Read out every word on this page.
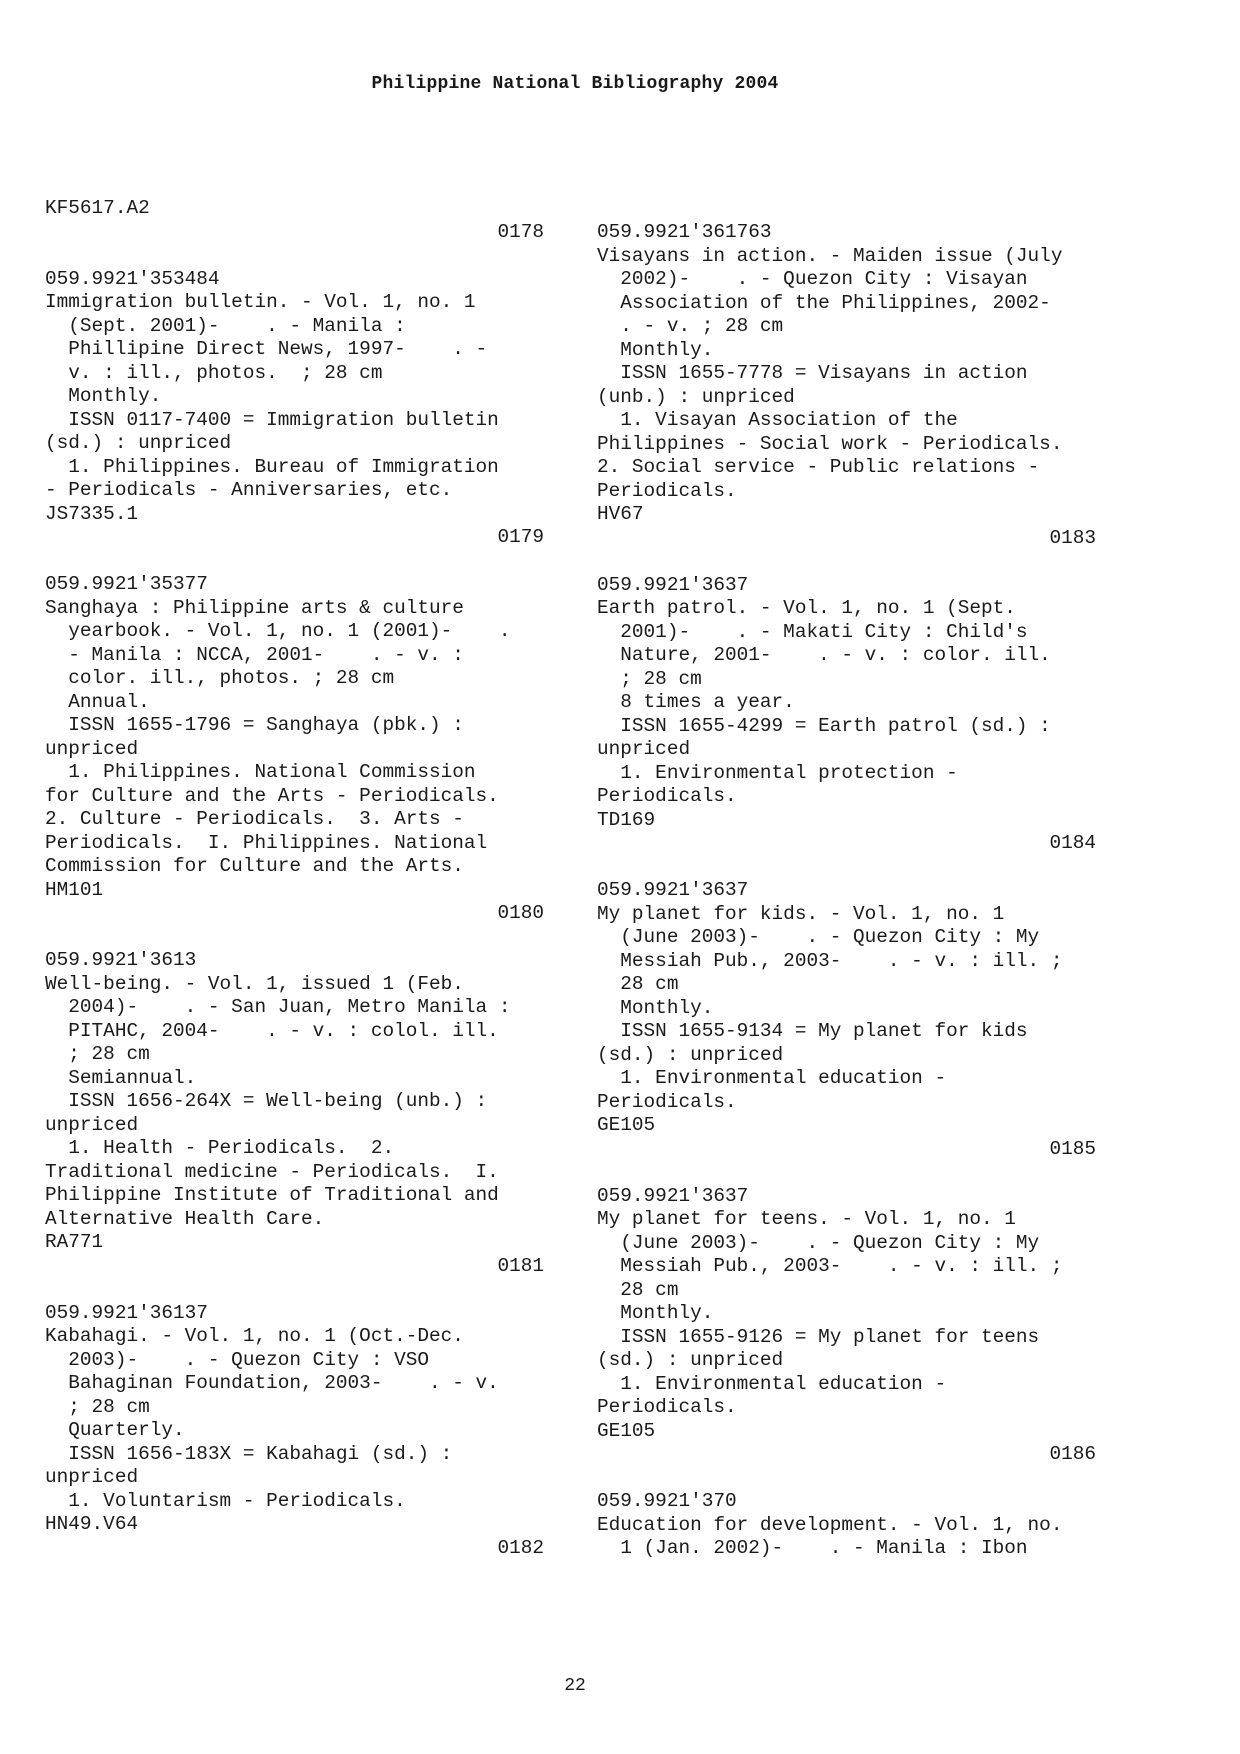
Philippine National Bibliography 2004
KF5617.A2
0178
059.9921'353484
Immigration bulletin. - Vol. 1, no. 1
(Sept. 2001)-    . - Manila :
Phillipine Direct News, 1997-    . -
v. : ill., photos.  ; 28 cm
Monthly.
ISSN 0117-7400 = Immigration bulletin
(sd.) : unpriced
1. Philippines. Bureau of Immigration
- Periodicals - Anniversaries, etc.
JS7335.1
0179
059.9921'35377
Sanghaya : Philippine arts & culture
yearbook. - Vol. 1, no. 1 (2001)-    .
- Manila : NCCA, 2001-    . - v. :
color. ill., photos. ; 28 cm
Annual.
ISSN 1655-1796 = Sanghaya (pbk.) :
unpriced
1. Philippines. National Commission
for Culture and the Arts - Periodicals.
2. Culture - Periodicals.  3. Arts -
Periodicals.  I. Philippines. National
Commission for Culture and the Arts.
HM101
0180
059.9921'3613
Well-being. - Vol. 1, issued 1 (Feb.
2004)-    . - San Juan, Metro Manila :
PITAHC, 2004-    . - v. : colol. ill.
; 28 cm
Semiannual.
ISSN 1656-264X = Well-being (unb.) :
unpriced
1. Health - Periodicals.  2.
Traditional medicine - Periodicals.  I.
Philippine Institute of Traditional and
Alternative Health Care.
RA771
0181
059.9921'36137
Kabahagi. - Vol. 1, no. 1 (Oct.-Dec.
2003)-    . - Quezon City : VSO
Bahaginan Foundation, 2003-    . - v.
; 28 cm
Quarterly.
ISSN 1656-183X = Kabahagi (sd.) :
unpriced
1. Voluntarism - Periodicals.
HN49.V64
0182
059.9921'361763
Visayans in action. - Maiden issue (July
2002)-    . - Quezon City : Visayan
Association of the Philippines, 2002-
. - v. ; 28 cm
Monthly.
ISSN 1655-7778 = Visayans in action
(unb.) : unpriced
1. Visayan Association of the
Philippines - Social work - Periodicals.
2. Social service - Public relations -
Periodicals.
HV67
0183
059.9921'3637
Earth patrol. - Vol. 1, no. 1 (Sept.
2001)-    . - Makati City : Child's
Nature, 2001-    . - v. : color. ill.
; 28 cm
8 times a year.
ISSN 1655-4299 = Earth patrol (sd.) :
unpriced
1. Environmental protection -
Periodicals.
TD169
0184
059.9921'3637
My planet for kids. - Vol. 1, no. 1
(June 2003)-    . - Quezon City : My
Messiah Pub., 2003-    . - v. : ill. ;
28 cm
Monthly.
ISSN 1655-9134 = My planet for kids
(sd.) : unpriced
1. Environmental education -
Periodicals.
GE105
0185
059.9921'3637
My planet for teens. - Vol. 1, no. 1
(June 2003)-    . - Quezon City : My
Messiah Pub., 2003-    . - v. : ill. ;
28 cm
Monthly.
ISSN 1655-9126 = My planet for teens
(sd.) : unpriced
1. Environmental education -
Periodicals.
GE105
0186
059.9921'370
Education for development. - Vol. 1, no.
1 (Jan. 2002)-    . - Manila : Ibon
22
